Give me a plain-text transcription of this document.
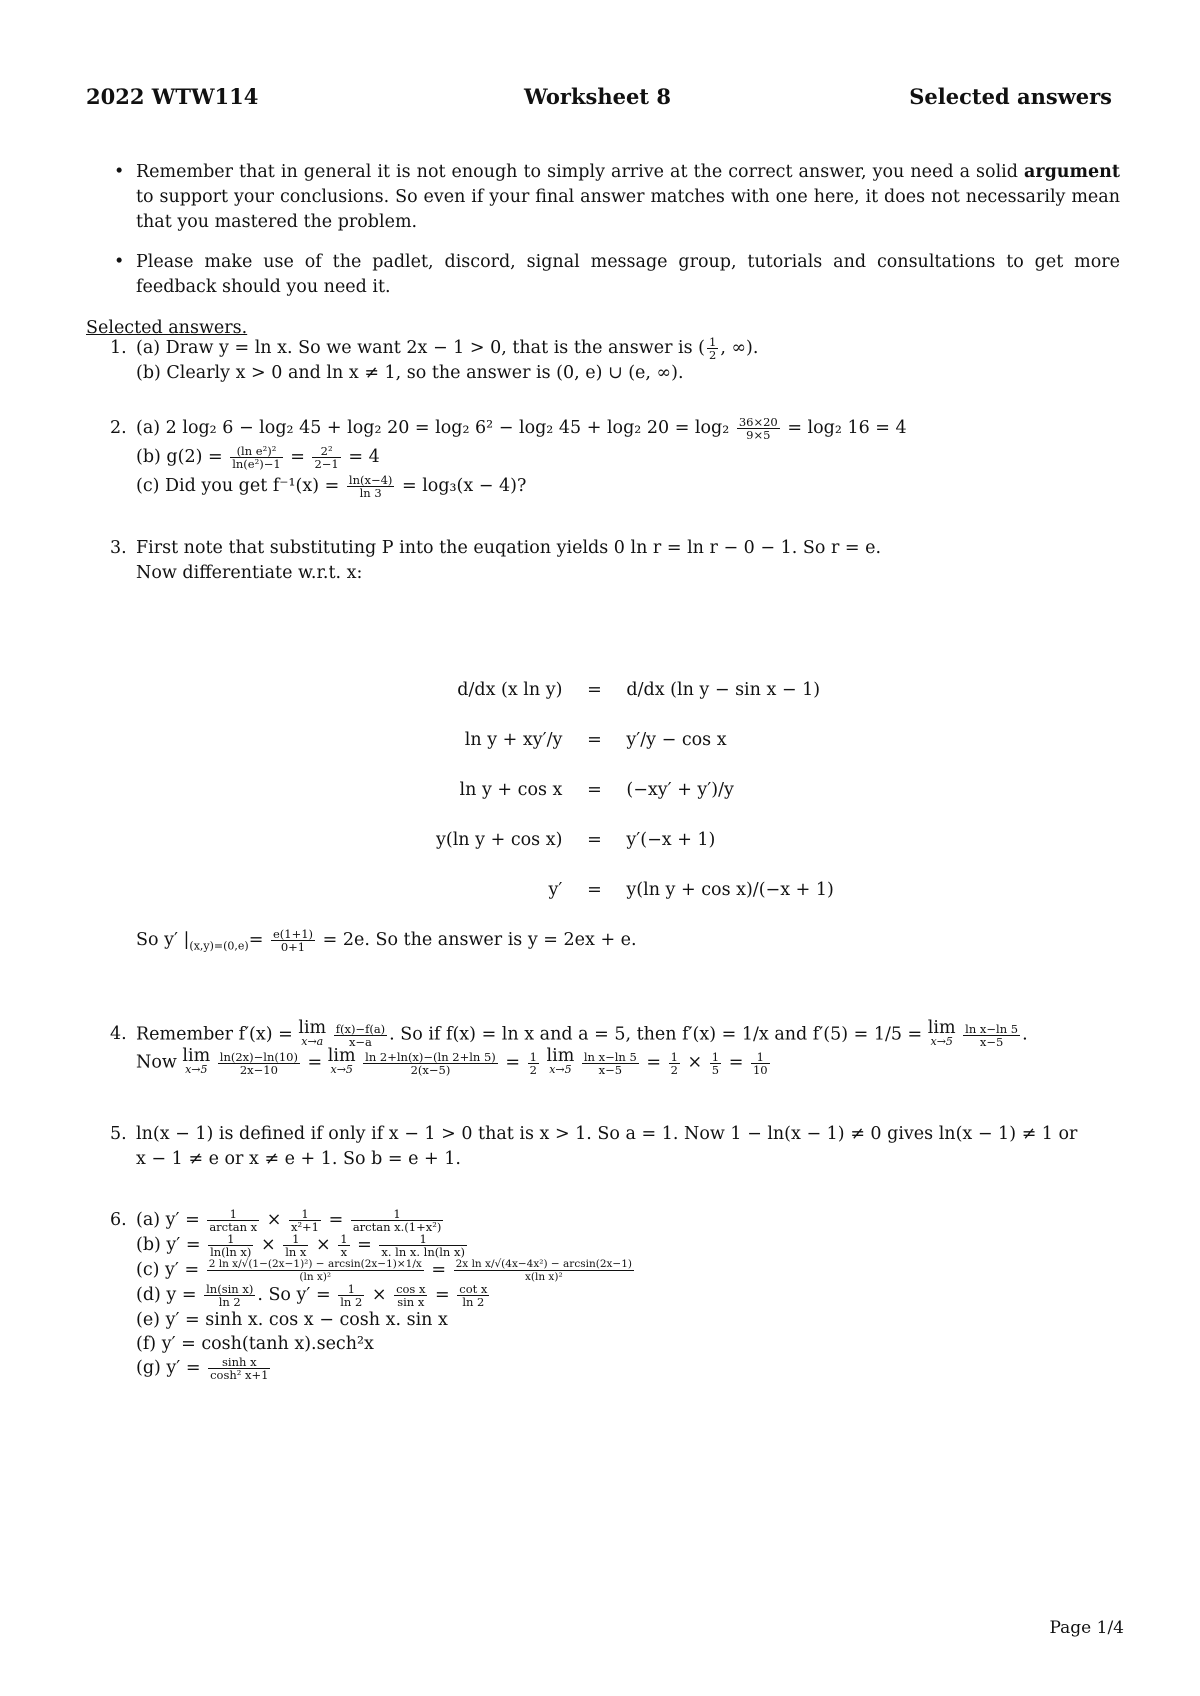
2022 WTW114	Worksheet 8	Selected answers
• Remember that in general it is not enough to simply arrive at the correct answer, you need a solid argument to support your conclusions. So even if your final answer matches with one here, it does not necessarily mean that you mastered the problem.
• Please make use of the padlet, discord, signal message group, tutorials and consultations to get more feedback should you need it.
Selected answers.
1. (a) Draw y = ln x. So we want 2x − 1 > 0, that is the answer is ( $\frac{1}{2}$ , ∞).
(b) Clearly x > 0 and ln x ≠ 1, so the answer is (0, e) ∪ (e, ∞).
2. (a) 2 log₂ 6 − log₂ 45 + log₂ 20 = log₂ 6² − log₂ 45 + log₂ $20 = \log_2 \frac{36\times 20}{9\times 5} = \log_2$ 16 = 4
(b) $g(2) = \frac{\text{(ln e²)²}}{\text{ln(e²)−1}} = \frac{\text{2²}}{2-1} = 4$
(c) Did you get $f^{-1}(x) = \frac{\ln(x-4)}{\ln 3} = \log_3(x - 4)$?
3. First note that substituting P into the euqation yields 0 ln r = ln r − 0 − 1. So r = e.
Now differentiate w.r.t. x:
d/dx (x ln y)	=	d/dx (ln y − sin x − 1)
ln y + xy′/y	=	y′/y − cos x
ln y + cos x	=	(−xy′ + y′)/y
y(ln y + cos x)	=	y′(−x + 1)
y′	=	y(ln y + cos x)/(−x + 1)
So y′ $|_{(x,y)=(0,e)}= \frac{e(1+1)}{0+1} = 2e$. So the answer is y = 2ex + e.
4. Remember f′(x) = lim
x→a
$\frac{f(x)-f(a)}{x-a}$ . So if f(x) = ln x and a = 5, then f′(x) = 1/x and f′(5) = 1/5 = lim
x→5
$\frac{\text{ln x−ln 5}}{x-5}$ .
Now lim
x→5
$\frac{\ln(2x)-\ln(10)}{2x-10} = \lim$
x→5
$\frac{\ln 2+\ln(x)-(\ln 2+\ln 5)}{2(x-5)} = \frac{1}{2}$ lim
x→5
$\frac{\text{ln x−ln 5}}{x-5} = \frac{1}{2} \times \frac{1}{5} = \frac{1}{10}$
5. ln(x − 1) is defined if only if x − 1 > 0 that is x > 1. So a = 1. Now 1 − ln(x − 1) ≠ 0 gives ln(x − 1) ≠ 1 or
x − 1 ≠ e or x ≠ e + 1. So b = e + 1.
6. (a) $y' = \frac{1}{\text{arctan x}} \times \frac{1}{\text{x²+1}} = \frac{1}{\text{arctan x.(1+x²)}}$
(b) $y' = \frac{1}{\text{ln(ln x)}} \times \frac{1}{\text{ln x}} \times \frac{1}{x} = \frac{1}{\text{x. ln x. ln(ln x)}}$
(c) $y' = \frac{\text{2 ln x/√(1−(2x−1)²) − arcsin(2x−1)×1/x}}{\text{(ln x)²}} = \frac{\text{2x ln x/√(4x−4x²) − arcsin(2x−1)}}{\text{x(ln x)²}}$
(d) $y = \frac{\text{ln(sin x)}}{\ln 2}$ . So $y' = \frac{1}{\ln 2} \times \frac{\text{cos x}}{\text{sin x}} = \frac{\text{cot x}}{\ln 2}$
(e) y′ = sinh x. cos x − cosh x. sin x
(f) y′ = cosh(tanh x).sech²x
(g) $y' = \frac{\text{sinh x}}{\text{cosh² x+1}}$
Page 1/4
